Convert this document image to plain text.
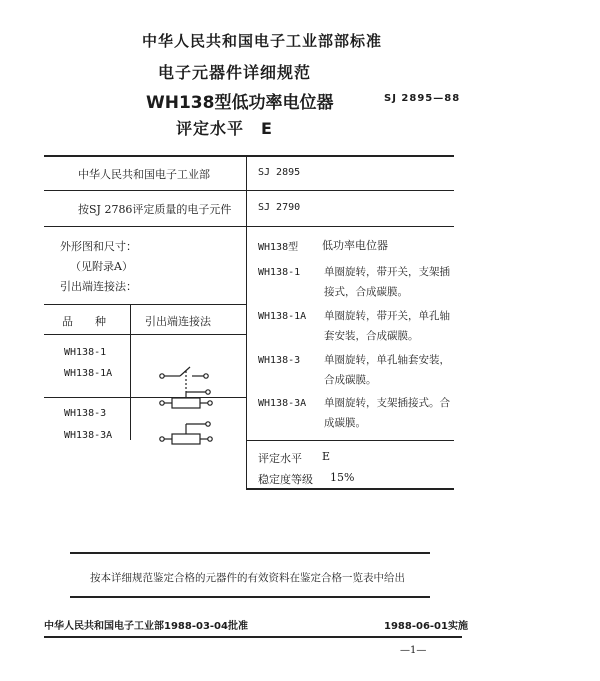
中华人民共和国电子工业部部标准
电子元器件详细规范
WH138型低功率电位器	SJ 2895—88
评定水平　E
中华人民共和国电子工业部	SJ 2895
按SJ 2786评定质量的电子元件	SJ 2790
外形图和尺寸：
（见附录A）
引出端连接法：
品　　种	引出端连接法
WH138-1
WH138-1A
WH138-3
WH138-3A
WH138型 低功率电位器
WH138-1 单圈旋转，带开关，支架插接式，合成碳膜。
WH138-1A 单圈旋转，带开关，单孔轴套安装，合成碳膜。
WH138-3 单圈旋转，单孔轴套安装，合成碳膜。
WH138-3A 单圈旋转，支架插接式。合成碳膜。
评定水平 E
稳定度等级 15%
按本详细规范鉴定合格的元器件的有效资料在鉴定合格一览表中给出
中华人民共和国电子工业部1988-03-04批准	1988-06-01实施
—1—
